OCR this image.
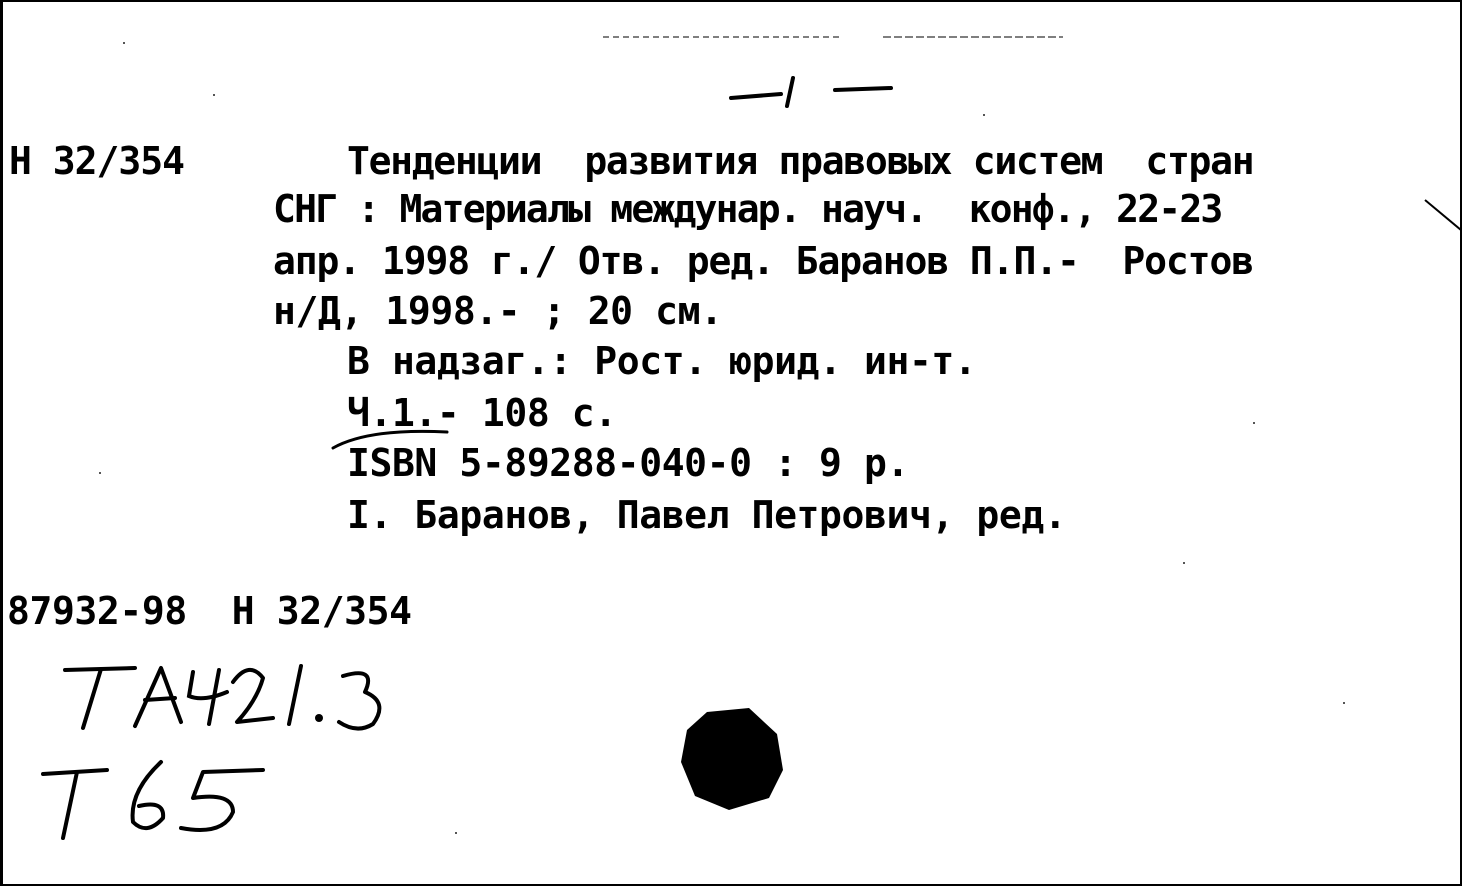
Н 32/354	Тенденции  развития правовых систем  стран
СНГ : Материалы междунар. науч.  конф., 22-23
апр. 1998 г./ Отв. ред. Баранов П.П.-  Ростов
н/Д, 1998.- ; 20 см.
В надзаг.: Рост. юрид. ин-т.
Ч.1.- 108 с.
ISBN 5-89288-040-0 : 9 р.
I. Баранов, Павел Петрович, ред.
87932-98  Н 32/354
